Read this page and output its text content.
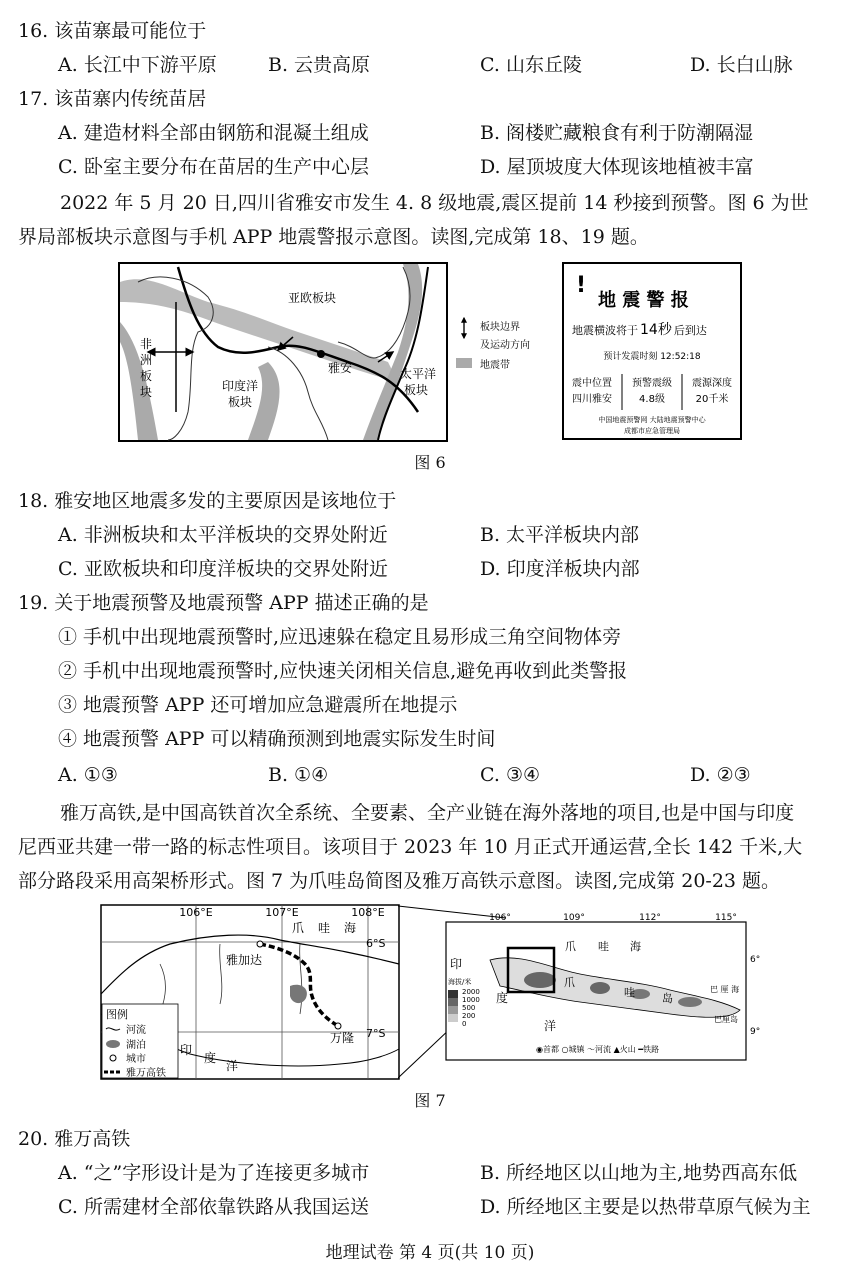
16. 该苗寨最可能位于
A. 长江中下游平原	B. 云贵高原	C. 山东丘陵	D. 长白山脉
17. 该苗寨内传统苗居
A. 建造材料全部由钢筋和混凝土组成	B. 阁楼贮藏粮食有利于防潮隔湿
C. 卧室主要分布在苗居的生产中心层	D. 屋顶坡度大体现该地植被丰富
2022 年 5 月 20 日,四川省雅安市发生 4. 8 级地震,震区提前 14 秒接到预警。图 6 为世
界局部板块示意图与手机 APP 地震警报示意图。读图,完成第 18、19 题。
亚欧板块
非
洲
板
块	印度洋
板块
太平洋
板块
雅安
板块边界
及运动方向
地震带
!
地 震 警 报
地震横波将于 14秒 后到达
预计发震时刻 12:52:18
震中位置
四川雅安
预警震级
4.8级
震源深度
20千米
中国地震预警网 大陆地震预警中心
成都市应急管理局
图 6
18. 雅安地区地震多发的主要原因是该地位于
A. 非洲板块和太平洋板块的交界处附近	B. 太平洋板块内部
C. 亚欧板块和印度洋板块的交界处附近	D. 印度洋板块内部
19. 关于地震预警及地震预警 APP 描述正确的是
① 手机中出现地震预警时,应迅速躲在稳定且易形成三角空间物体旁
② 手机中出现地震预警时,应快速关闭相关信息,避免再收到此类警报
③ 地震预警 APP 还可增加应急避震所在地提示
④ 地震预警 APP 可以精确预测到地震实际发生时间
A. ①③	B. ①④	C. ③④	D. ②③
雅万高铁,是中国高铁首次全系统、全要素、全产业链在海外落地的项目,也是中国与印度
尼西亚共建一带一路的标志性项目。该项目于 2023 年 10 月正式开通运营,全长 142 千米,大
部分路段采用高架桥形式。图 7 为爪哇岛简图及雅万高铁示意图。读图,完成第 20-23 题。
106°E	107°E	108°E
6°S
7°S
爪 哇 海
雅加达
万隆
印
度
洋
图例
河流
湖泊
城市
雅万高铁
106°	109°	112°	115°
6°
9°
爪 哇 海
爪
哇 岛
印
度
洋
巴 厘 海
巴厘岛
海拔/米
2000
1000
500
200
0
◉首都 ○城镇 ～河流 ▲火山 ━铁路
图 7
20. 雅万高铁
A. “之”字形设计是为了连接更多城市	B. 所经地区以山地为主,地势西高东低
C. 所需建材全部依靠铁路从我国运送	D. 所经地区主要是以热带草原气候为主
地理试卷 第 4 页(共 10 页)
